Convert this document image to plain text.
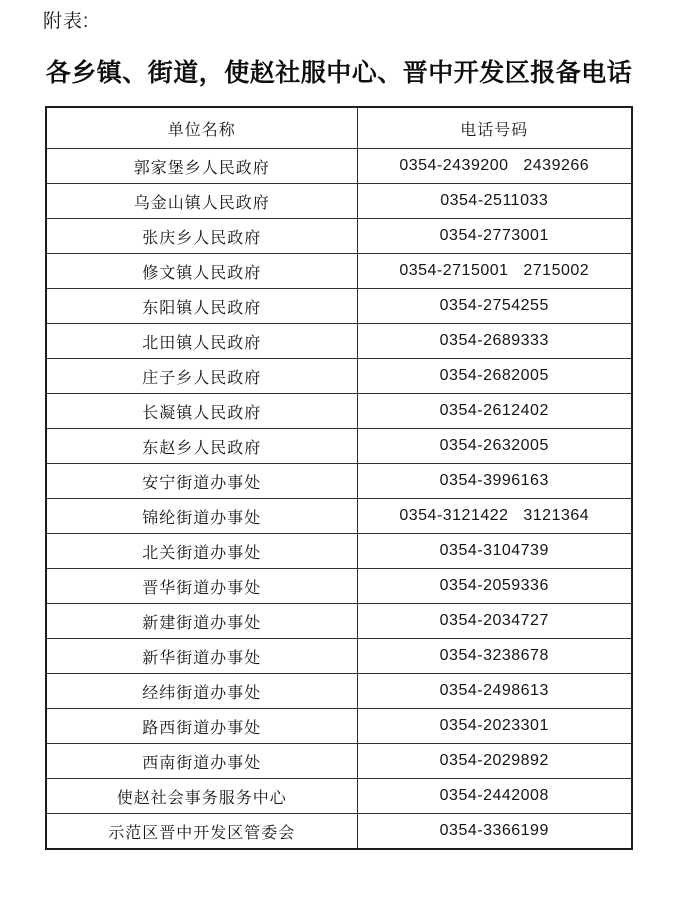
附表:
各乡镇、街道，使赵社服中心、晋中开发区报备电话
单位名称	电话号码
郭家堡乡人民政府	0354-2439200   2439266
乌金山镇人民政府	0354-2511033
张庆乡人民政府	0354-2773001
修文镇人民政府	0354-2715001   2715002
东阳镇人民政府	0354-2754255
北田镇人民政府	0354-2689333
庄子乡人民政府	0354-2682005
长凝镇人民政府	0354-2612402
东赵乡人民政府	0354-2632005
安宁街道办事处	0354-3996163
锦纶街道办事处	0354-3121422   3121364
北关街道办事处	0354-3104739
晋华街道办事处	0354-2059336
新建街道办事处	0354-2034727
新华街道办事处	0354-3238678
经纬街道办事处	0354-2498613
路西街道办事处	0354-2023301
西南街道办事处	0354-2029892
使赵社会事务服务中心	0354-2442008
示范区晋中开发区管委会	0354-3366199
